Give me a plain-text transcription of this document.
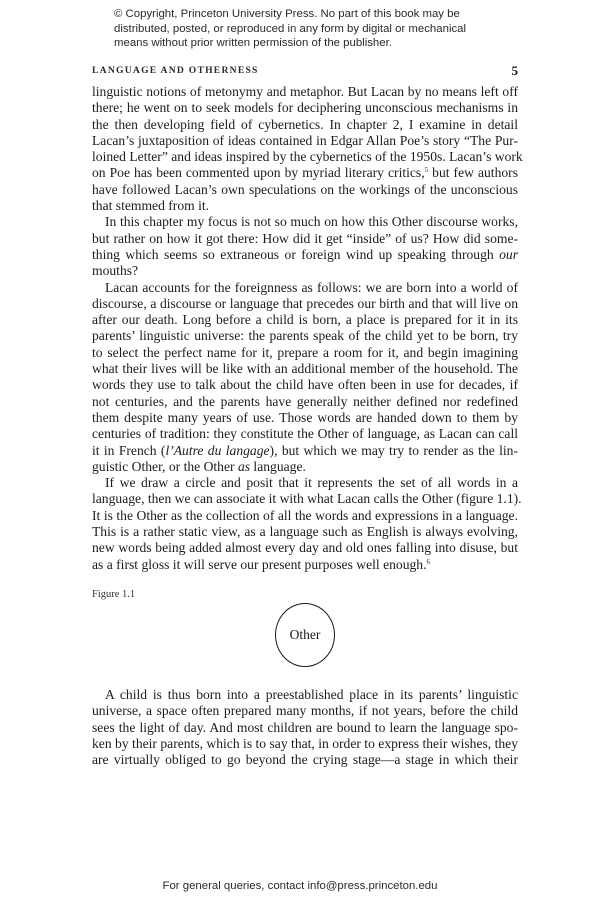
© Copyright, Princeton University Press. No part of this book may be
distributed, posted, or reproduced in any form by digital or mechanical
means without prior written permission of the publisher.
LANGUAGE AND OTHERNESS	5
linguistic notions of metonymy and metaphor. But Lacan by no means left off
there; he went on to seek models for deciphering unconscious mechanisms in
the then developing field of cybernetics. In chapter 2, I examine in detail
Lacan’s juxtaposition of ideas contained in Edgar Allan Poe’s story “The Pur-
loined Letter” and ideas inspired by the cybernetics of the 1950s. Lacan’s work
on Poe has been commented upon by myriad literary critics,$^5$ but few authors
have followed Lacan’s own speculations on the workings of the unconscious
that stemmed from it.
In this chapter my focus is not so much on how this Other discourse works,
but rather on how it got there: How did it get “inside” of us? How did some-
thing which seems so extraneous or foreign wind up speaking through our
mouths?
Lacan accounts for the foreignness as follows: we are born into a world of
discourse, a discourse or language that precedes our birth and that will live on
after our death. Long before a child is born, a place is prepared for it in its
parents’ linguistic universe: the parents speak of the child yet to be born, try
to select the perfect name for it, prepare a room for it, and begin imagining
what their lives will be like with an additional member of the household. The
words they use to talk about the child have often been in use for decades, if
not centuries, and the parents have generally neither defined nor redefined
them despite many years of use. Those words are handed down to them by
centuries of tradition: they constitute the Other of language, as Lacan can call
it in French (l’Autre du langage), but which we may try to render as the lin-
guistic Other, or the Other as language.
If we draw a circle and posit that it represents the set of all words in a
language, then we can associate it with what Lacan calls the Other (figure 1.1).
It is the Other as the collection of all the words and expressions in a language.
This is a rather static view, as a language such as English is always evolving,
new words being added almost every day and old ones falling into disuse, but
as a first gloss it will serve our present purposes well enough.$^6$
Figure 1.1
Other
A child is thus born into a preestablished place in its parents’ linguistic
universe, a space often prepared many months, if not years, before the child
sees the light of day. And most children are bound to learn the language spo-
ken by their parents, which is to say that, in order to express their wishes, they
are virtually obliged to go beyond the crying stage—a stage in which their
For general queries, contact info@press.princeton.edu
